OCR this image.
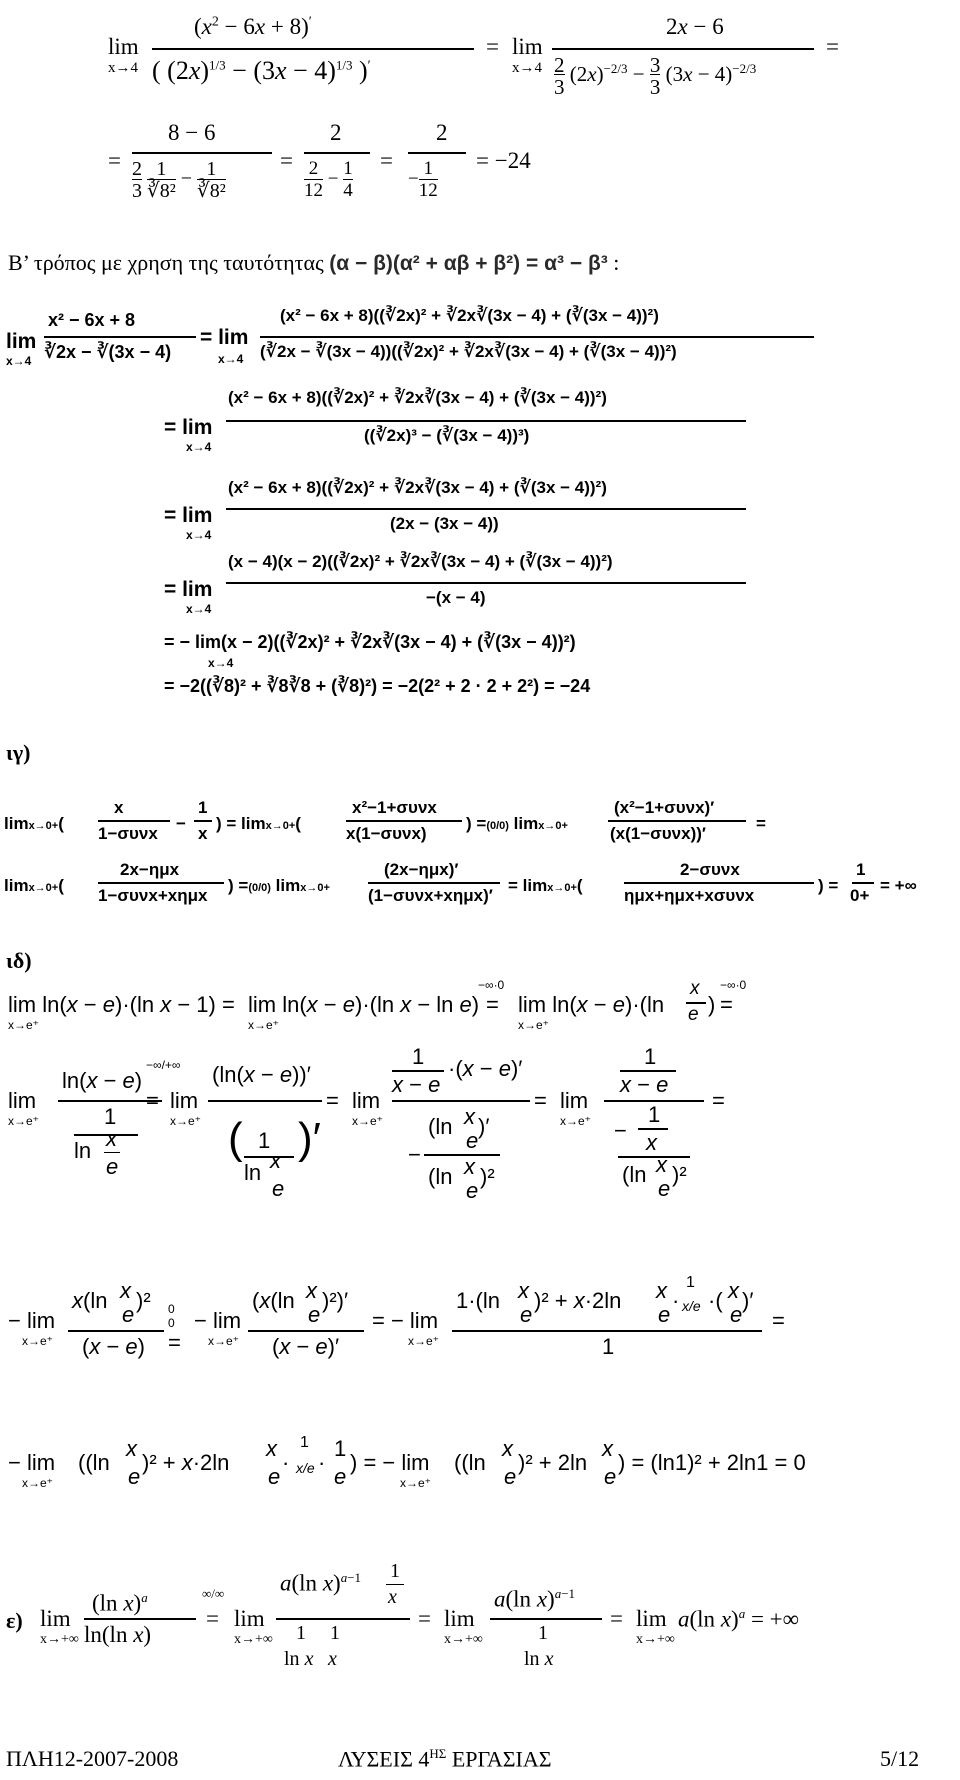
lim
x→4
$(x^2 - 6x + 8)'$
( $(2x)^{1/3} - (3x - 4)^{1/3}$ )′
= lim
x→4
2x − 6
2
3 $(2x)^{-2/3} - 3$
3 $(3x - 4)^{-2/3}$
=
=
8 − 6
2
3 1
∛8² − 1
∛8²
=
2
2
12 − 1
4
=
2
− 1
12
= −24
Β’ τρόπος με χρηση της ταυτότητας (α − β)(α² + αβ + β²) = α³ − β³ :
lim
x→4
x² − 6x + 8
∛2x − ∛(3x − 4)
= lim
x→4
(x² − 6x + 8)((∛2x)² + ∛2x∛(3x − 4) + (∛(3x − 4))²)
(∛2x − ∛(3x − 4))((∛2x)² + ∛2x∛(3x − 4) + (∛(3x − 4))²)
= lim
x→4
(x² − 6x + 8)((∛2x)² + ∛2x∛(3x − 4) + (∛(3x − 4))²)
((∛2x)³ − (∛(3x − 4))³)
= lim
x→4
(x² − 6x + 8)((∛2x)² + ∛2x∛(3x − 4) + (∛(3x − 4))²)
(2x − (3x − 4))
= lim
x→4
(x − 4)(x − 2)((∛2x)² + ∛2x∛(3x − 4) + (∛(3x − 4))²)
−(x − 4)
= − lim(x − 2)((∛2x)² + ∛2x∛(3x − 4) + (∛(3x − 4))²)
x→4
= −2((∛8)² + ∛8∛8 + (∛8)²) = −2(2² + 2 · 2 + 2²) = −24
ιγ)
limx→0+(
x
1−συνx
−
1
x
) = limx→0+(
x²−1+συνx
x(1−συνx)
) =(0/0) limx→0+
(x²−1+συνx)′
(x(1−συνx))′
=
limx→0+(
2x−ημx
1−συνx+xημx
) =(0/0) limx→0+
(2x−ημx)′
(1−συνx+xημx)′
= limx→0+(
2−συνx
ημx+ημx+xσυνx
) =
1
0+
= +∞
ιδ)
lim ln(x − e)·(ln x − 1) =
x→e⁺
lim ln(x − e)·(ln x − ln e)
x→e⁺
−∞·0
= lim ln(x − e)·(ln
x→e⁺
x
e )
−∞·0
=
lim
x→e⁺
ln(x − e)
1
ln x
e
−∞/+∞
= lim
x→e⁺
(ln(x − e))′
( 1
ln x
e
)′
= lim
x→e⁺
1
x − e
·(x − e)′
(ln x
e
)′
−
(ln x
e
)²
= lim
x→e⁺
1
x − e
1
− x
(ln x
e
)²
=
− lim
x→e⁺
x(ln x
e
)²
(x − e)
0
0
=
− lim
x→e⁺
(x(ln x
e
)²)′
(x − e)′
= − lim
x→e⁺
1·(ln x
e
)² + x·2ln x
e
·
1
x/e ·( x
e
)′
1
=
− lim
x→e⁺
((ln
x
e
)² + x·2ln
x
e
·
1
x/e ·
1
e
) = − lim
x→e⁺
((ln
x
e
)² + 2ln
x
e
) = (ln1)² + 2ln1 = 0
ε) lim
x→+∞
(ln x)$^a$
ln(ln x)
∞/∞
= lim
x→+∞
a(ln x)$^{a-1}$ 1
x
1 1
ln x x
= lim
x→+∞
a(ln x)$^{a-1}$
1
ln x
= lim
x→+∞
a(ln x)$^a$ = +∞
ΠΛΗ12-2007-2008	ΛΥΣΕΙΣ $4^{H\Sigma}$ ΕΡΓΑΣΙΑΣ	5/12
